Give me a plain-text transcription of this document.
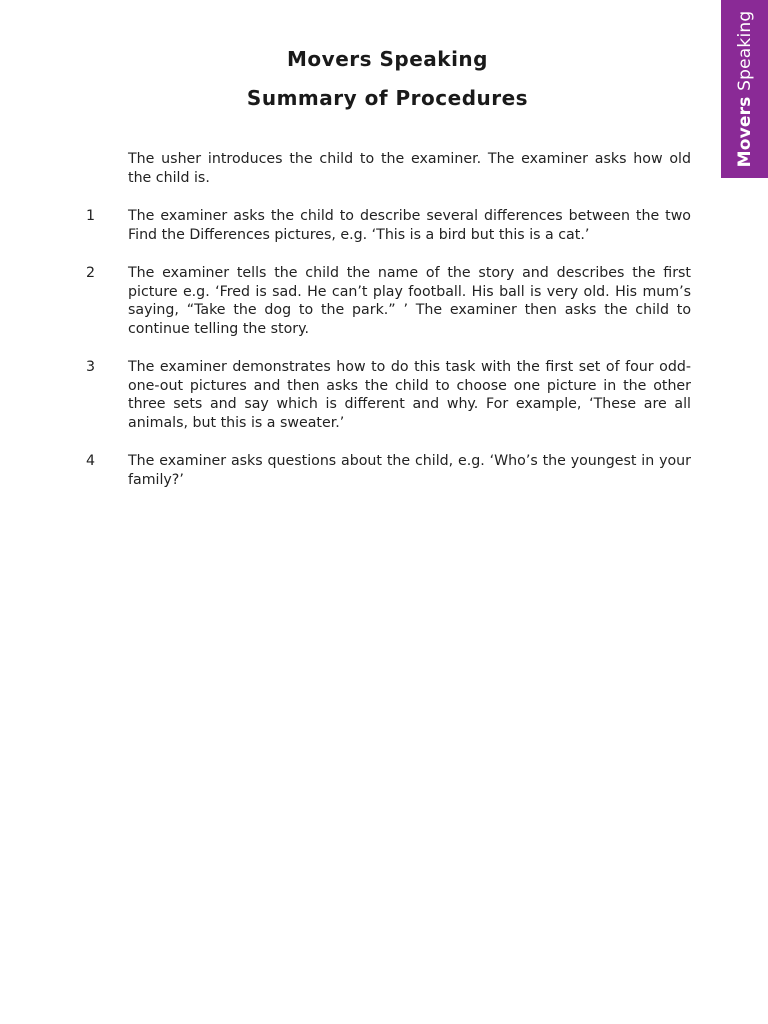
Movers Speaking
Movers Speaking
Summary of Procedures
The usher introduces the child to the examiner. The examiner asks how old the child is.
1	The examiner asks the child to describe several differences between the two Find the Differences pictures, e.g. ‘This is a bird but this is a cat.’
2	The examiner tells the child the name of the story and describes the first picture e.g. ‘Fred is sad. He can’t play football. His ball is very old. His mum’s saying, “Take the dog to the park.” ’ The examiner then asks the child to continue telling the story.
3	The examiner demonstrates how to do this task with the first set of four odd-one-out pictures and then asks the child to choose one picture in the other three sets and say which is different and why. For example, ‘These are all animals, but this is a sweater.’
4	The examiner asks questions about the child, e.g. ‘Who’s the youngest in your family?’
